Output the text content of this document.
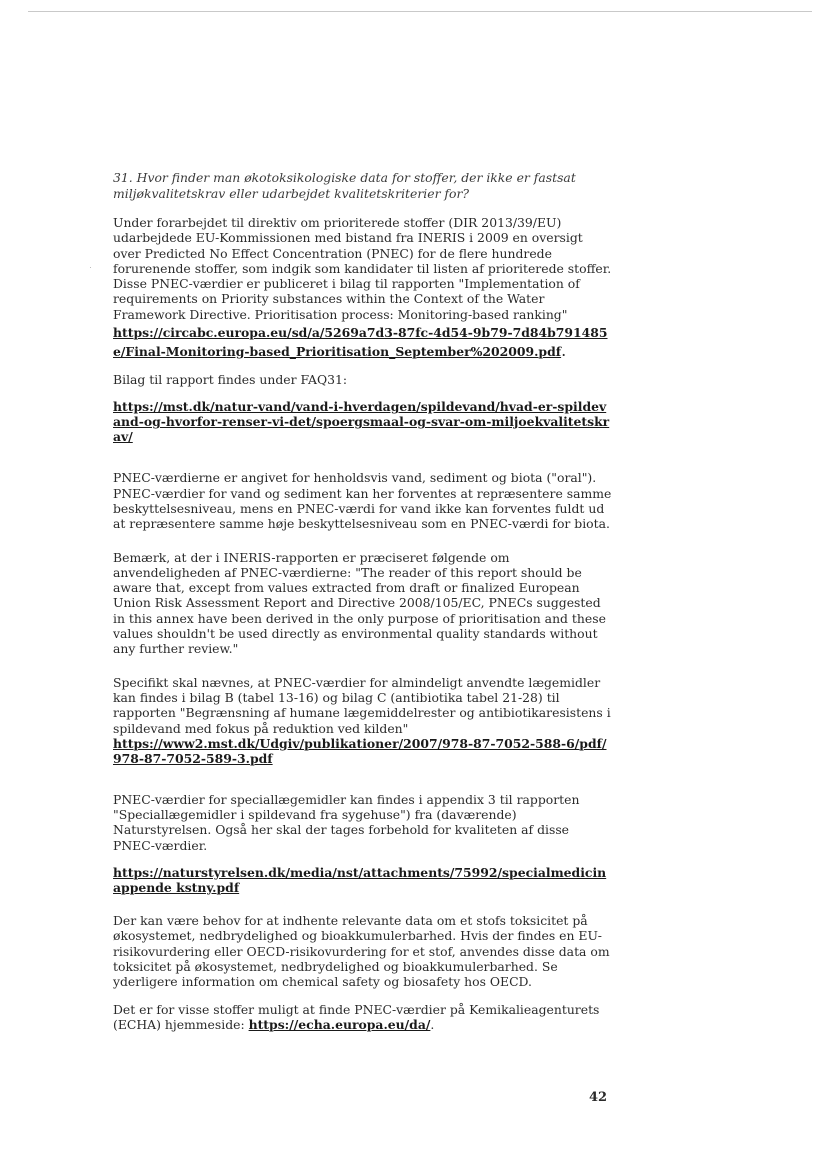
31. Hvor finder man økotoksikologiske data for stoffer, der ikke er fastsat miljøkvalitetskrav eller udarbejdet kvalitetskriterier for?

Under forarbejdet til direktiv om prioriterede stoffer (DIR 2013/39/EU) udarbejdede EU-Kommissionen med bistand fra INERIS i 2009 en oversigt over Predicted No Effect Concentration (PNEC) for de flere hundrede forurenende stoffer, som indgik som kandidater til listen af prioriterede stoffer. Disse PNEC-værdier er publiceret i bilag til rapporten "Implementation of requirements on Priority substances within the Context of the Water Framework Directive. Prioritisation process: Monitoring-based ranking"

https://circabc.europa.eu/sd/a/5269a7d3-87fc-4d54-9b79-7d84b791485e/Final-Monitoring-based_Prioritisation_September%202009.pdf.

Bilag til rapport findes under FAQ31:

https://mst.dk/natur-vand/vand-i-hverdagen/spildevand/hvad-er-spildevand-og-hvorfor-renser-vi-det/spoergsmaal-og-svar-om-miljoekvalitetskrav/

PNEC-værdierne er angivet for henholdsvis vand, sediment og biota ("oral"). PNEC-værdier for vand og sediment kan her forventes at repræsentere samme beskyttelsesniveau, mens en PNEC-værdi for vand ikke kan forventes fuldt ud at repræsentere samme høje beskyttelsesniveau som en PNEC-værdi for biota.

Bemærk, at der i INERIS-rapporten er præciseret følgende om anvendeligheden af PNEC-værdierne: "The reader of this report should be aware that, except from values extracted from draft or finalized European Union Risk Assessment Report and Directive 2008/105/EC, PNECs suggested in this annex have been derived in the only purpose of prioritisation and these values shouldn't be used directly as environmental quality standards without any further review."

Specifikt skal nævnes, at PNEC-værdier for almindeligt anvendte lægemidler kan findes i bilag B (tabel 13-16) og bilag C (antibiotika tabel 21-28) til rapporten "Begrænsning af humane lægemiddelrester og antibiotikaresistens i spildevand med fokus på reduktion ved kilden"

https://www2.mst.dk/Udgiv/publikationer/2007/978-87-7052-588-6/pdf/978-87-7052-589-3.pdf

PNEC-værdier for speciallægemidler kan findes i appendix 3 til rapporten "Speciallægemidler i spildevand fra sygehuse") fra (daværende) Naturstyrelsen. Også her skal der tages forbehold for kvaliteten af disse PNEC-værdier.

https://naturstyrelsen.dk/media/nst/attachments/75992/specialmedicinappende kstny.pdf

Der kan være behov for at indhente relevante data om et stofs toksicitet på økosystemet, nedbrydelighed og bioakkumulerbarhed. Hvis der findes en EU-risikovurdering eller OECD-risikovurdering for et stof, anvendes disse data om toksicitet på økosystemet, nedbrydelighed og bioakkumulerbarhed. Se yderligere information om chemical safety og biosafety hos OECD.

Det er for visse stoffer muligt at finde PNEC-værdier på Kemikalieagenturets (ECHA) hjemmeside: https://echa.europa.eu/da/.

42
